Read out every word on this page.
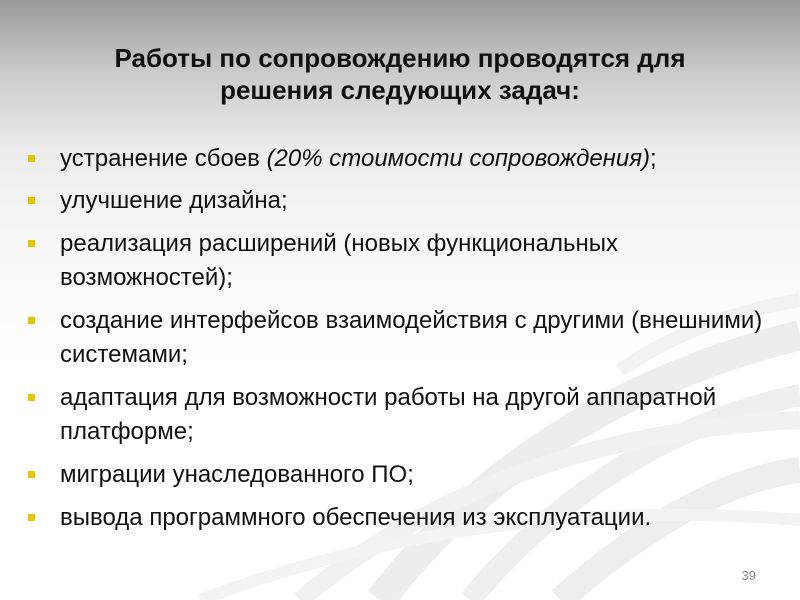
Работы по сопровождению проводятся для
решения следующих задач:
устранение сбоев (20% стоимости сопровождения);
улучшение дизайна;
реализация расширений (новых функциональных возможностей);
создание интерфейсов взаимодействия с другими (внешними) системами;
адаптация для возможности работы на другой аппаратной платформе;
миграции унаследованного ПО;
вывода программного обеспечения из эксплуатации.
39
